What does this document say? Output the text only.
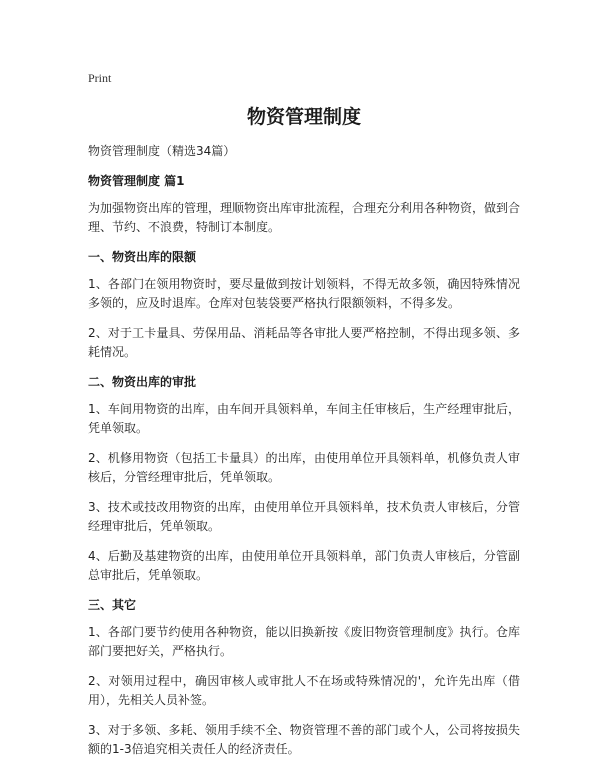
Print
物资管理制度
物资管理制度（精选34篇）
物资管理制度 篇1
为加强物资出库的管理，理顺物资出库审批流程，合理充分利用各种物资，做到合理、节约、不浪费，特制订本制度。
一、物资出库的限额
1、各部门在领用物资时，要尽量做到按计划领料，不得无故多领，确因特殊情况多领的，应及时退库。仓库对包装袋要严格执行限额领料，不得多发。
2、对于工卡量具、劳保用品、消耗品等各审批人要严格控制，不得出现多领、多耗情况。
二、物资出库的审批
1、车间用物资的出库，由车间开具领料单，车间主任审核后，生产经理审批后，凭单领取。
2、机修用物资（包括工卡量具）的出库，由使用单位开具领料单，机修负责人审核后，分管经理审批后，凭单领取。
3、技术或技改用物资的出库，由使用单位开具领料单，技术负责人审核后，分管经理审批后，凭单领取。
4、后勤及基建物资的出库，由使用单位开具领料单，部门负责人审核后，分管副总审批后，凭单领取。
三、其它
1、各部门要节约使用各种物资，能以旧换新按《废旧物资管理制度》执行。仓库部门要把好关，严格执行。
2、对领用过程中，确因审核人或审批人不在场或特殊情况的'，允许先出库（借用），先相关人员补签。
3、对于多领、多耗、领用手续不全、物资管理不善的部门或个人，公司将按损失额的1-3倍追究相关责任人的经济责任。
